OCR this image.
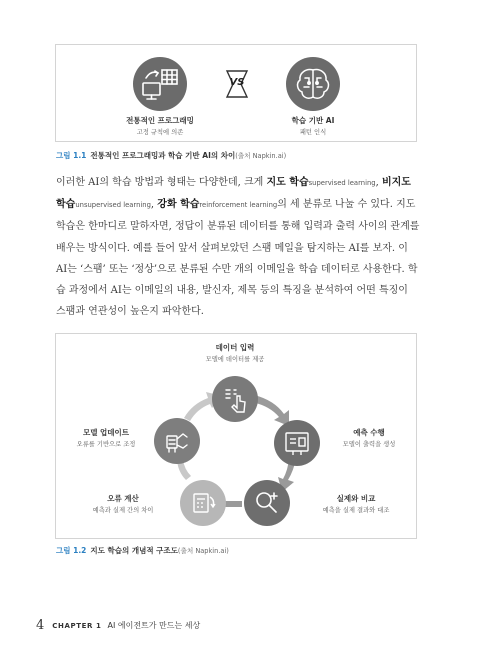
VS
전통적인 프로그래밍
고정 규칙에 의존
학습 기반 AI
패턴 인식
그림 1.1 전통적인 프로그래밍과 학습 기반 AI의 차이(출처 Napkin.ai)

이러한 AI의 학습 방법과 형태는 다양한데, 크게 지도 학습supervised learning, 비지도 학습unsupervised learning, 강화 학습reinforcement learning의 세 분류로 나눌 수 있다. 지도 학습은 한마디로 말하자면, 정답이 분류된 데이터를 통해 입력과 출력 사이의 관계를 배우는 방식이다. 예를 들어 앞서 살펴보았던 스팸 메일을 탐지하는 AI를 보자. 이 AI는 ‘스팸’ 또는 ‘정상’으로 분류된 수만 개의 이메일을 학습 데이터로 사용한다. 학습 과정에서 AI는 이메일의 내용, 발신자, 제목 등의 특징을 분석하여 어떤 특징이 스팸과 연관성이 높은지 파악한다.

데이터 입력
모델에 데이터를 제공
예측 수행
모델이 출력을 생성
실제와 비교
예측을 실제 결과와 대조
오류 계산
예측과 실제 간의 차이
모델 업데이트
오류를 기반으로 조정
그림 1.2 지도 학습의 개념적 구조도(출처 Napkin.ai)
4 CHAPTER 1 AI 에이전트가 만드는 세상
